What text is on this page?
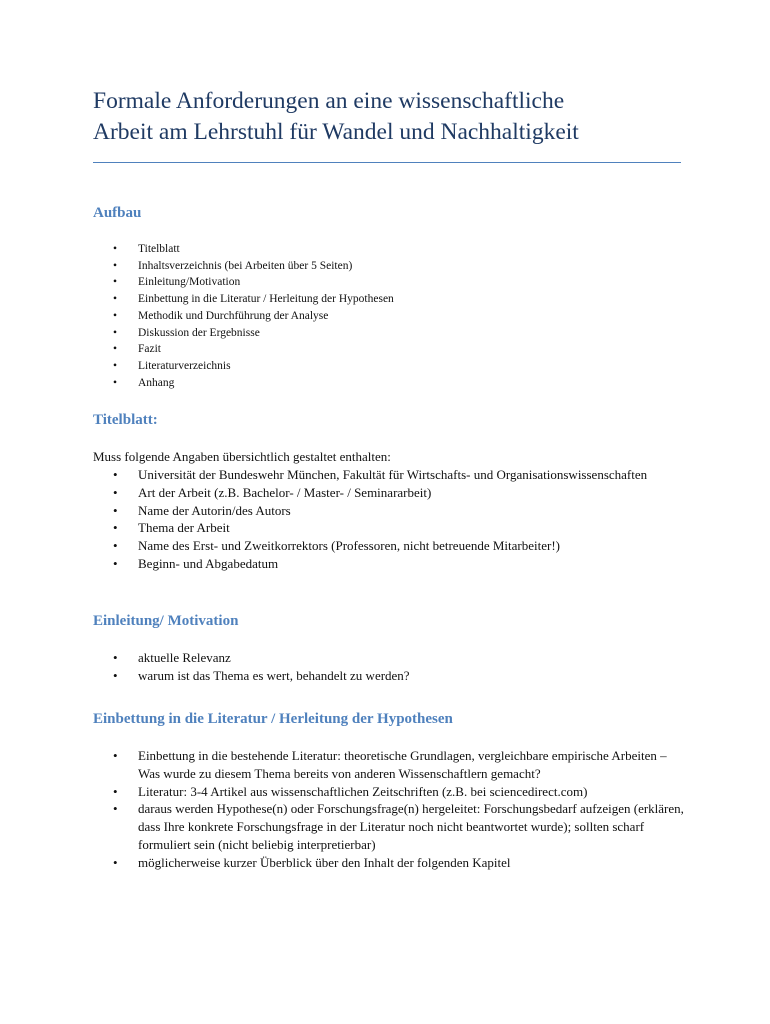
Formale Anforderungen an eine wissenschaftliche
Arbeit am Lehrstuhl für Wandel und Nachhaltigkeit
Aufbau
• Titelblatt
• Inhaltsverzeichnis (bei Arbeiten über 5 Seiten)
• Einleitung/Motivation
• Einbettung in die Literatur / Herleitung der Hypothesen
• Methodik und Durchführung der Analyse
• Diskussion der Ergebnisse
• Fazit
• Literaturverzeichnis
• Anhang
Titelblatt:

Muss folgende Angaben übersichtlich gestaltet enthalten:

• Universität der Bundeswehr München, Fakultät für Wirtschafts- und Organisationswissenschaften
• Art der Arbeit (z.B. Bachelor- / Master- / Seminararbeit)
• Name der Autorin/des Autors
• Thema der Arbeit
• Name des Erst- und Zweitkorrektors (Professoren, nicht betreuende Mitarbeiter!)
• Beginn- und Abgabedatum
Einleitung/ Motivation
• aktuelle Relevanz
• warum ist das Thema es wert, behandelt zu werden?
Einbettung in die Literatur / Herleitung der Hypothesen
• Einbettung in die bestehende Literatur: theoretische Grundlagen, vergleichbare empirische Arbeiten – Was wurde zu diesem Thema bereits von anderen Wissenschaftlern gemacht?
• Literatur: 3-4 Artikel aus wissenschaftlichen Zeitschriften (z.B. bei sciencedirect.com)
• daraus werden Hypothese(n) oder Forschungsfrage(n) hergeleitet: Forschungsbedarf aufzeigen (erklären, dass Ihre konkrete Forschungsfrage in der Literatur noch nicht beantwortet wurde); sollten scharf formuliert sein (nicht beliebig interpretierbar)
• möglicherweise kurzer Überblick über den Inhalt der folgenden Kapitel
